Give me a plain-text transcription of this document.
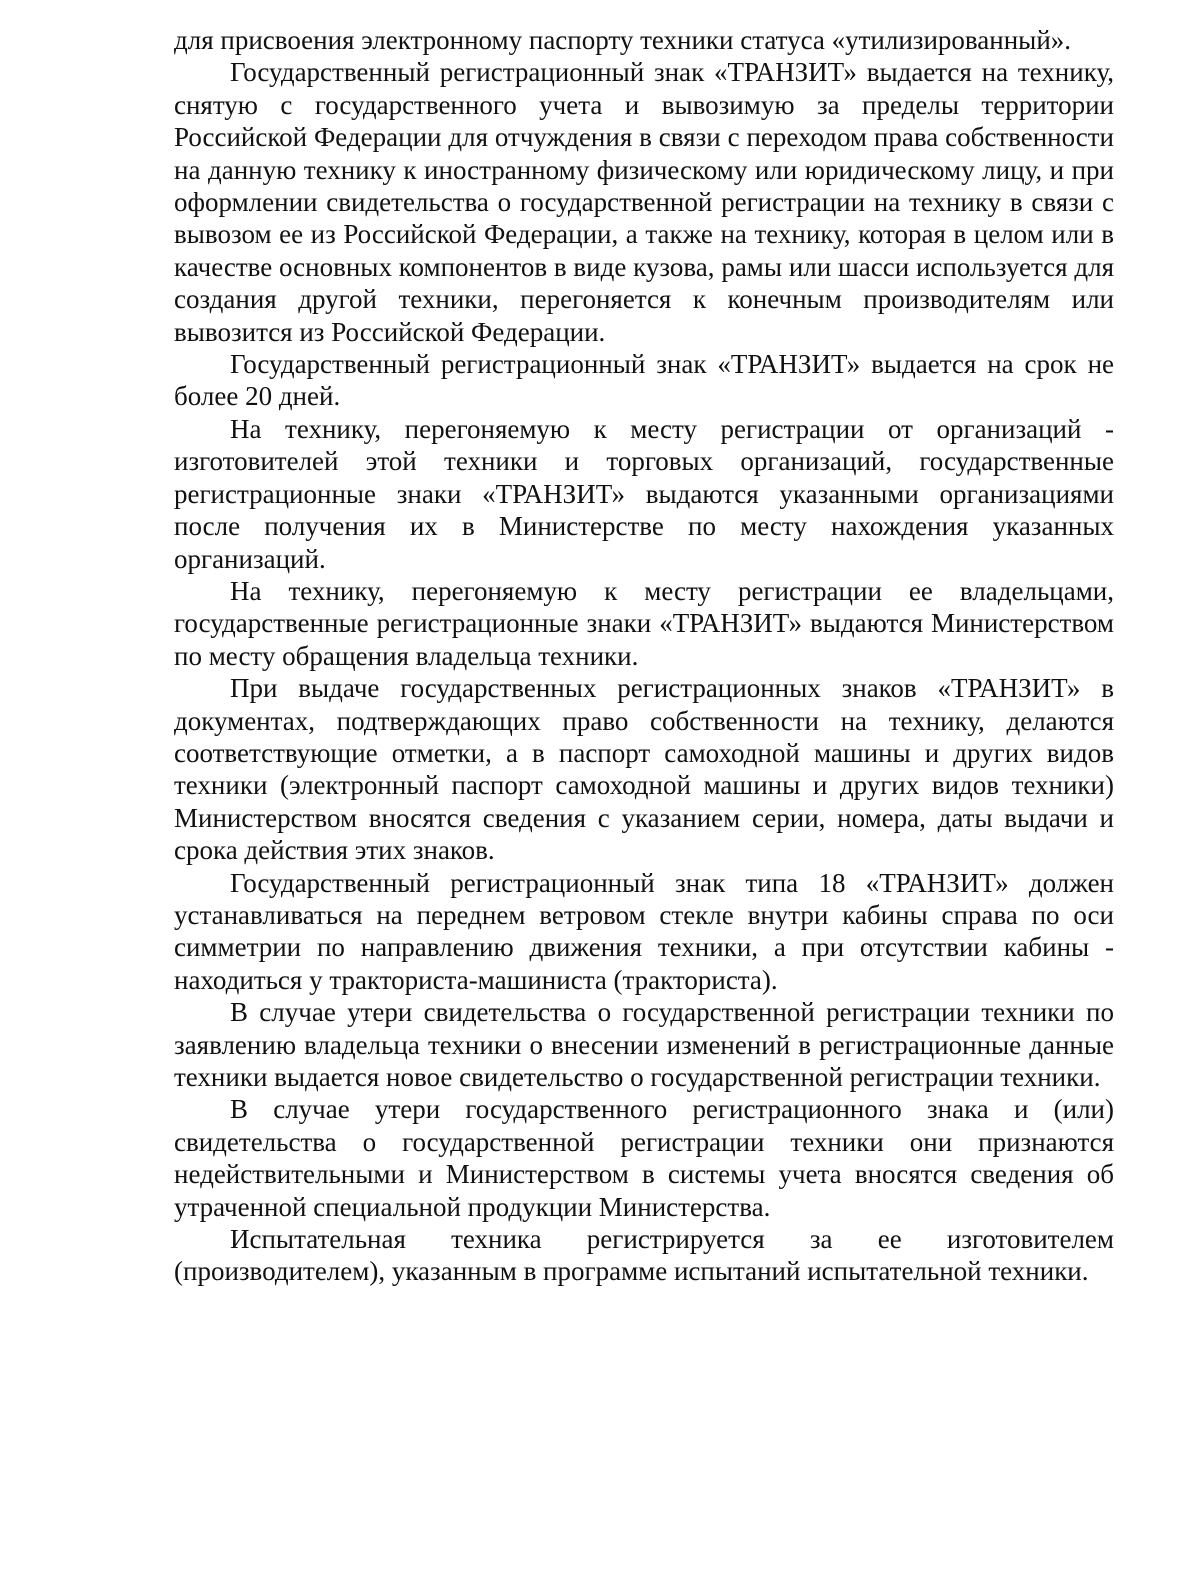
для присвоения электронному паспорту техники статуса «утилизированный».

Государственный регистрационный знак «ТРАНЗИТ» выдается на технику, снятую с государственного учета и вывозимую за пределы территории Российской Федерации для отчуждения в связи с переходом права собственности на данную технику к иностранному физическому или юридическому лицу, и при оформлении свидетельства о государственной регистрации на технику в связи с вывозом ее из Российской Федерации, а также на технику, которая в целом или в качестве основных компонентов в виде кузова, рамы или шасси используется для создания другой техники, перегоняется к конечным производителям или вывозится из Российской Федерации.

Государственный регистрационный знак «ТРАНЗИТ» выдается на срок не более 20 дней.

На технику, перегоняемую к месту регистрации от организаций - изготовителей этой техники и торговых организаций, государственные регистрационные знаки «ТРАНЗИТ» выдаются указанными организациями после получения их в Министерстве по месту нахождения указанных организаций.

На технику, перегоняемую к месту регистрации ее владельцами, государственные регистрационные знаки «ТРАНЗИТ» выдаются Министерством по месту обращения владельца техники.

При выдаче государственных регистрационных знаков «ТРАНЗИТ» в документах, подтверждающих право собственности на технику, делаются соответствующие отметки, а в паспорт самоходной машины и других видов техники (электронный паспорт самоходной машины и других видов техники) Министерством вносятся сведения с указанием серии, номера, даты выдачи и срока действия этих знаков.

Государственный регистрационный знак типа 18 «ТРАНЗИТ» должен устанавливаться на переднем ветровом стекле внутри кабины справа по оси симметрии по направлению движения техники, а при отсутствии кабины - находиться у тракториста-машиниста (тракториста).

В случае утери свидетельства о государственной регистрации техники по заявлению владельца техники о внесении изменений в регистрационные данные техники выдается новое свидетельство о государственной регистрации техники.

В случае утери государственного регистрационного знака и (или) свидетельства о государственной регистрации техники они признаются недействительными и Министерством в системы учета вносятся сведения об утраченной специальной продукции Министерства.

Испытательная техника регистрируется за ее изготовителем (производителем), указанным в программе испытаний испытательной техники.
